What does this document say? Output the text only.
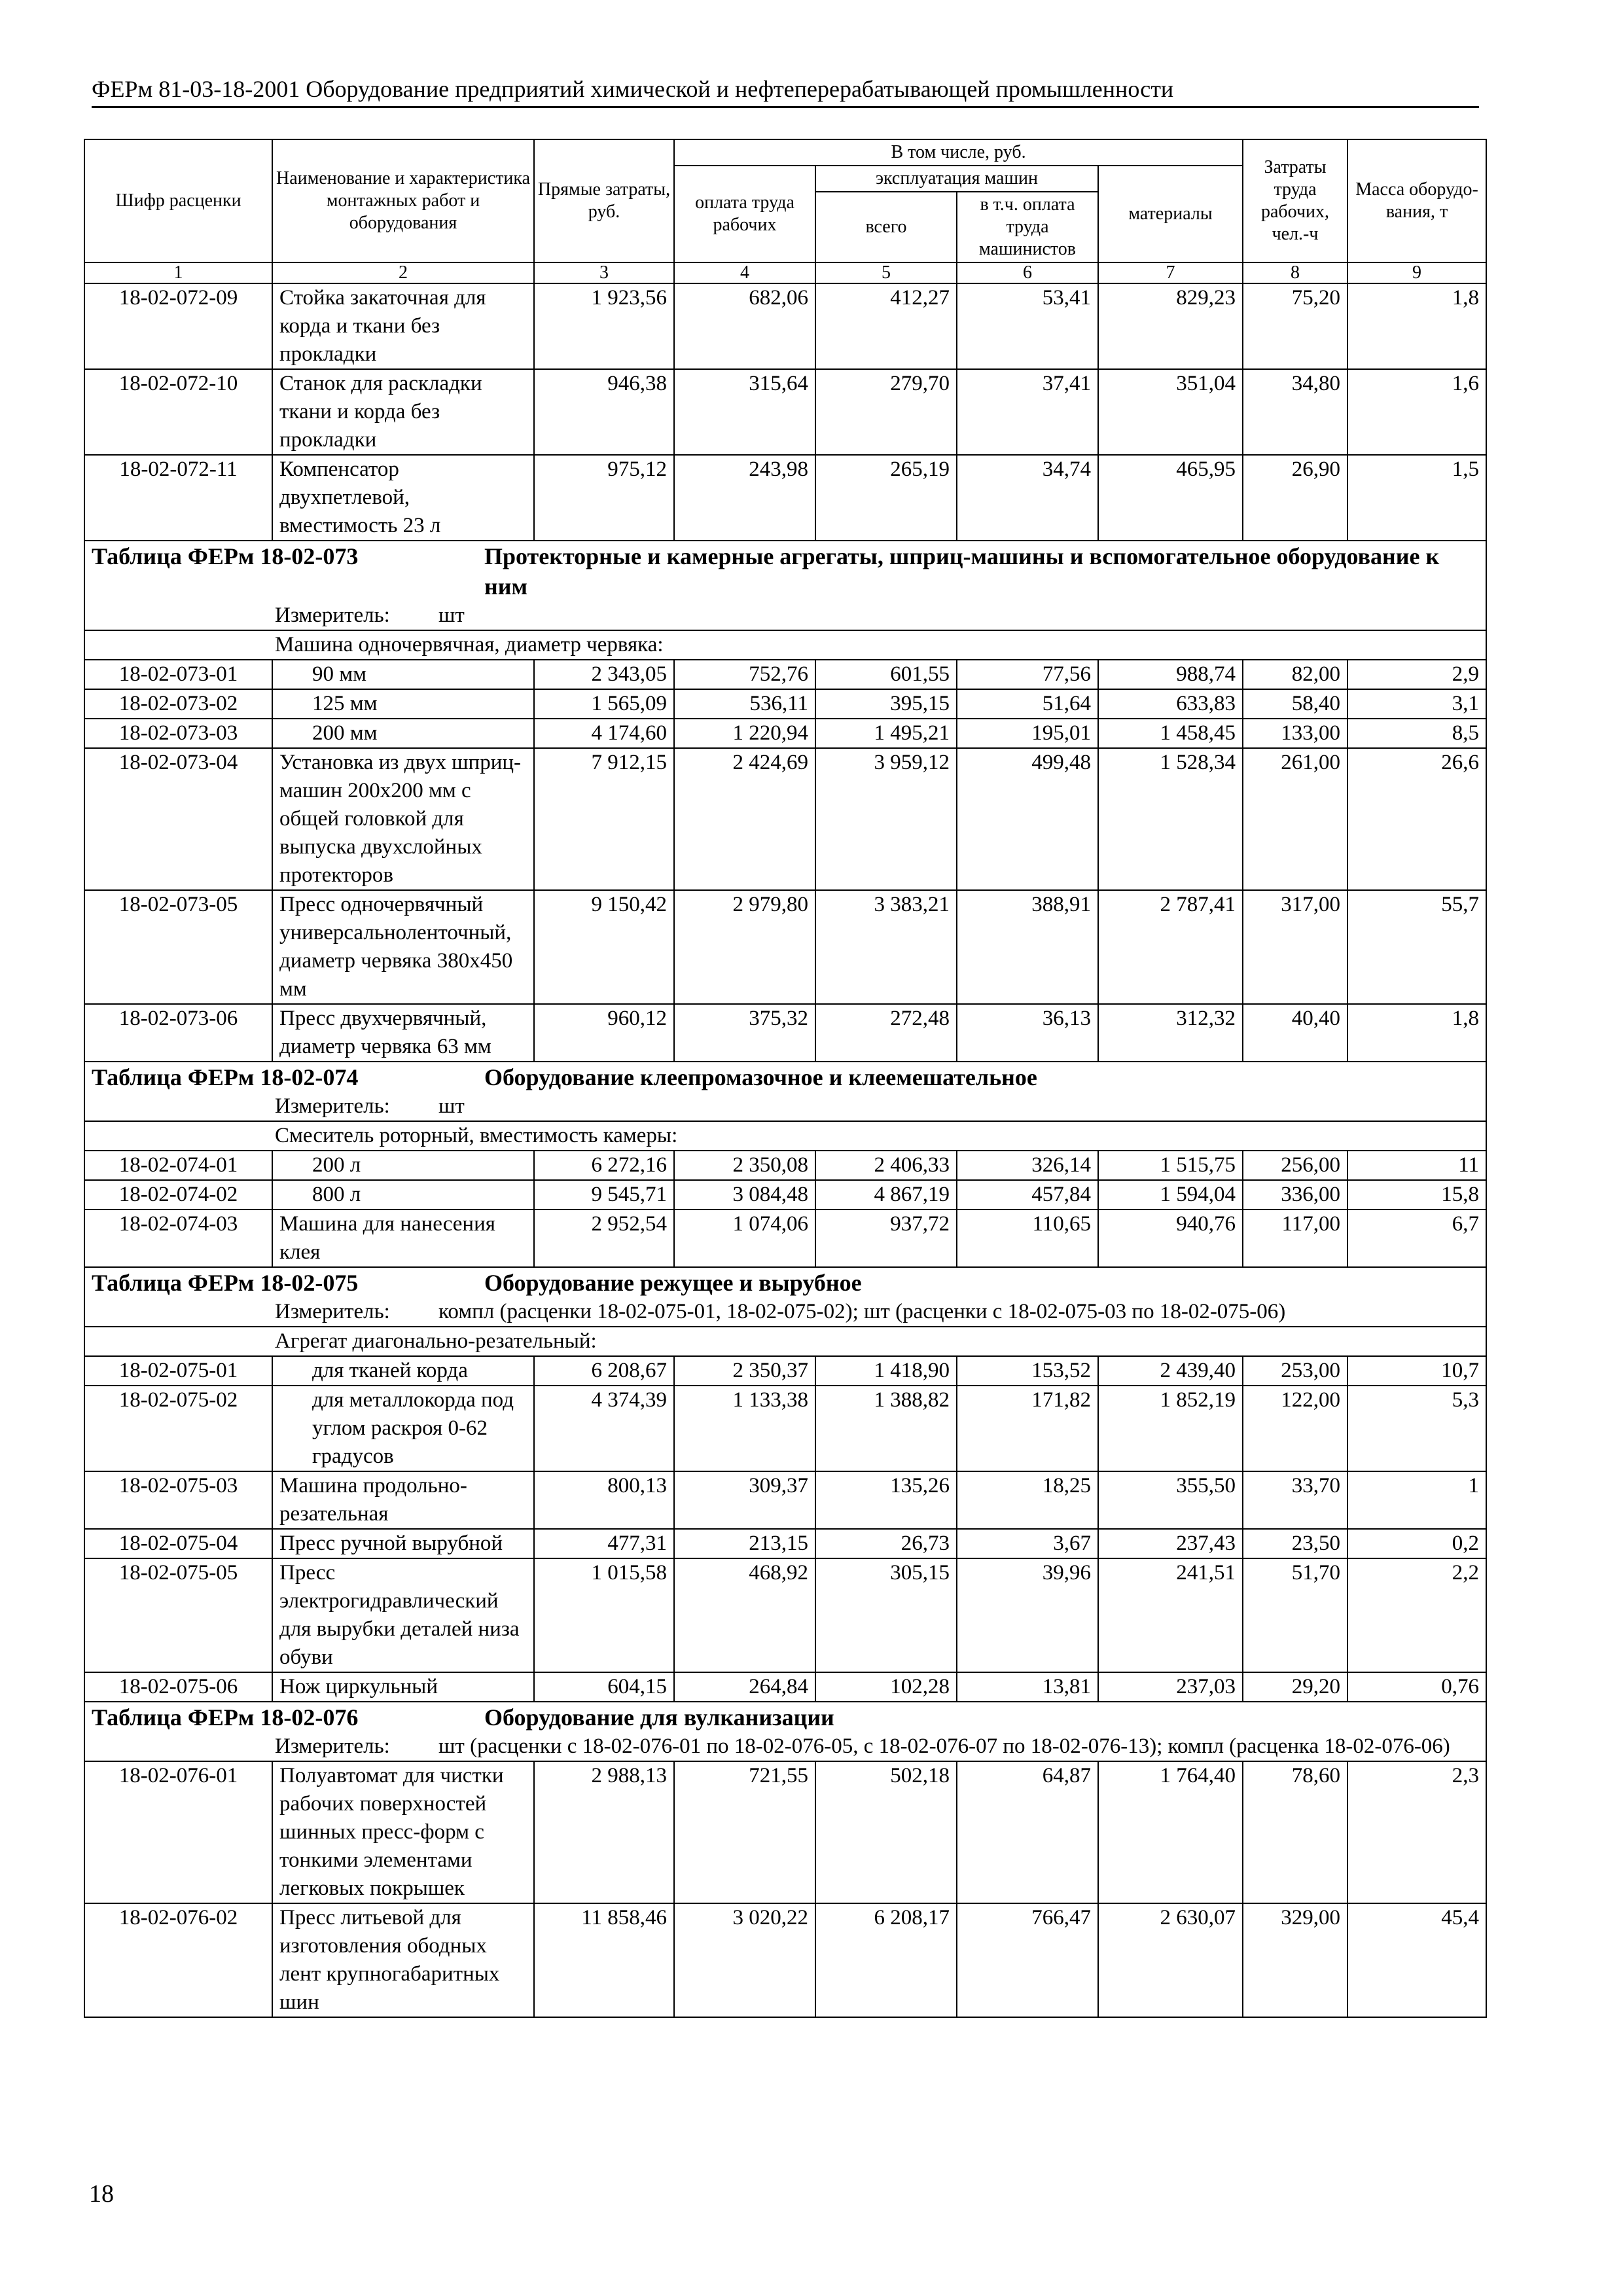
ФЕРм 81-03-18-2001 Оборудование предприятий химической и нефтеперерабатывающей промышленности
Шифр расценки	Наименование и характеристика монтажных работ и оборудования	Прямые затраты, руб.	В том числе, руб.				Затраты труда рабочих, чел.-ч	Масса оборудо-вания, т
			оплата труда рабочих	эксплуатация машин		материалы		
				всего	в т.ч. оплата труда машинистов			
1	2	3	4	5	6	7	8	9
18-02-072-09	Стойка закаточная для корда и ткани без прокладки	1 923,56	682,06	412,27	53,41	829,23	75,20	1,8
18-02-072-10	Станок для раскладки ткани и корда без прокладки	946,38	315,64	279,70	37,41	351,04	34,80	1,6
18-02-072-11	Компенсатор двухпетлевой, вместимость 23 л	975,12	243,98	265,19	34,74	465,95	26,90	1,5

Таблица ФЕРм 18-02-073 Протекторные и камерные агрегаты, шприц-машины и вспомогательное оборудование к ним
Измеритель: шт								

Машина одночервячная, диаметр червяка:								
18-02-073-01	90 мм	2 343,05	752,76	601,55	77,56	988,74	82,00	2,9
18-02-073-02	125 мм	1 565,09	536,11	395,15	51,64	633,83	58,40	3,1
18-02-073-03	200 мм	4 174,60	1 220,94	1 495,21	195,01	1 458,45	133,00	8,5
18-02-073-04	Установка из двух шприц-машин 200х200 мм с общей головкой для выпуска двухслойных протекторов	7 912,15	2 424,69	3 959,12	499,48	1 528,34	261,00	26,6
18-02-073-05	Пресс одночервячный универсальноленточный, диаметр червяка 380х450 мм	9 150,42	2 979,80	3 383,21	388,91	2 787,41	317,00	55,7
18-02-073-06	Пресс двухчервячный, диаметр червяка 63 мм	960,12	375,32	272,48	36,13	312,32	40,40	1,8

Таблица ФЕРм 18-02-074 Оборудование клеепромазочное и клеемешательное
Измеритель: шт								

Смеситель роторный, вместимость камеры:								
18-02-074-01	200 л	6 272,16	2 350,08	2 406,33	326,14	1 515,75	256,00	11
18-02-074-02	800 л	9 545,71	3 084,48	4 867,19	457,84	1 594,04	336,00	15,8
18-02-074-03	Машина для нанесения клея	2 952,54	1 074,06	937,72	110,65	940,76	117,00	6,7

Таблица ФЕРм 18-02-075 Оборудование режущее и вырубное
Измеритель: компл (расценки 18-02-075-01, 18-02-075-02); шт (расценки с 18-02-075-03 по 18-02-075-06)								

Агрегат диагонально-резательный:								
18-02-075-01	для тканей корда	6 208,67	2 350,37	1 418,90	153,52	2 439,40	253,00	10,7
18-02-075-02	для металлокорда под углом раскроя 0-62 градусов	4 374,39	1 133,38	1 388,82	171,82	1 852,19	122,00	5,3
18-02-075-03	Машина продольно-резательная	800,13	309,37	135,26	18,25	355,50	33,70	1
18-02-075-04	Пресс ручной вырубной	477,31	213,15	26,73	3,67	237,43	23,50	0,2
18-02-075-05	Пресс электрогидравлический для вырубки деталей низа обуви	1 015,58	468,92	305,15	39,96	241,51	51,70	2,2
18-02-075-06	Нож циркульный	604,15	264,84	102,28	13,81	237,03	29,20	0,76

Таблица ФЕРм 18-02-076 Оборудование для вулканизации
Измеритель: шт (расценки с 18-02-076-01 по 18-02-076-05, с 18-02-076-07 по 18-02-076-13); компл (расценка 18-02-076-06)								

18-02-076-01	Полуавтомат для чистки рабочих поверхностей шинных пресс-форм с тонкими элементами легковых покрышек	2 988,13	721,55	502,18	64,87	1 764,40	78,60	2,3
18-02-076-02	Пресс литьевой для изготовления ободных лент крупногабаритных шин	11 858,46	3 020,22	6 208,17	766,47	2 630,07	329,00	45,4
18
